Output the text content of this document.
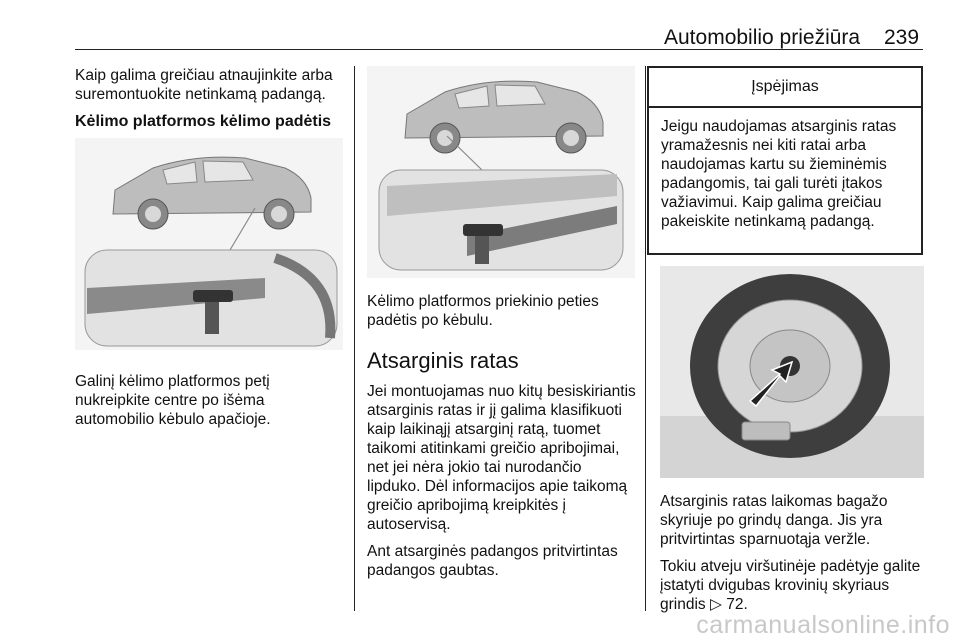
Automobilio priežiūra 239

Kaip galima greičiau atnaujinkite arba suremontuokite netinkamą padangą.

Kėlimo platformos kėlimo padėtis

Galinį kėlimo platformos petį nukreipkite centre po išėma automobilio kėbulo apačioje.

Kėlimo platformos priekinio peties padėtis po kėbulu.

Atsarginis ratas

Jei montuojamas nuo kitų besiskiriantis atsarginis ratas ir jį galima klasifikuoti kaip laikinąjį atsarginį ratą, tuomet taikomi atitinkami greičio apribojimai, net jei nėra jokio tai nurodančio lipduko. Dėl informacijos apie taikomą greičio apribojimą kreipkitės į autoservisą.

Ant atsarginės padangos pritvirtintas padangos gaubtas.

Įspėjimas
Jeigu naudojamas atsarginis ratas yramažesnis nei kiti ratai arba naudojamas kartu su žieminėmis padangomis, tai gali turėti įtakos važiavimui. Kaip galima greičiau pakeiskite netinkamą padangą.

Atsarginis ratas laikomas bagažo skyriuje po grindų danga. Jis yra pritvirtintas sparnuotąja veržle.

Tokiu atveju viršutinėje padėtyje galite įstatyti dvigubas krovinių skyriaus grindis ▷ 72.

carmanualsonline.info
